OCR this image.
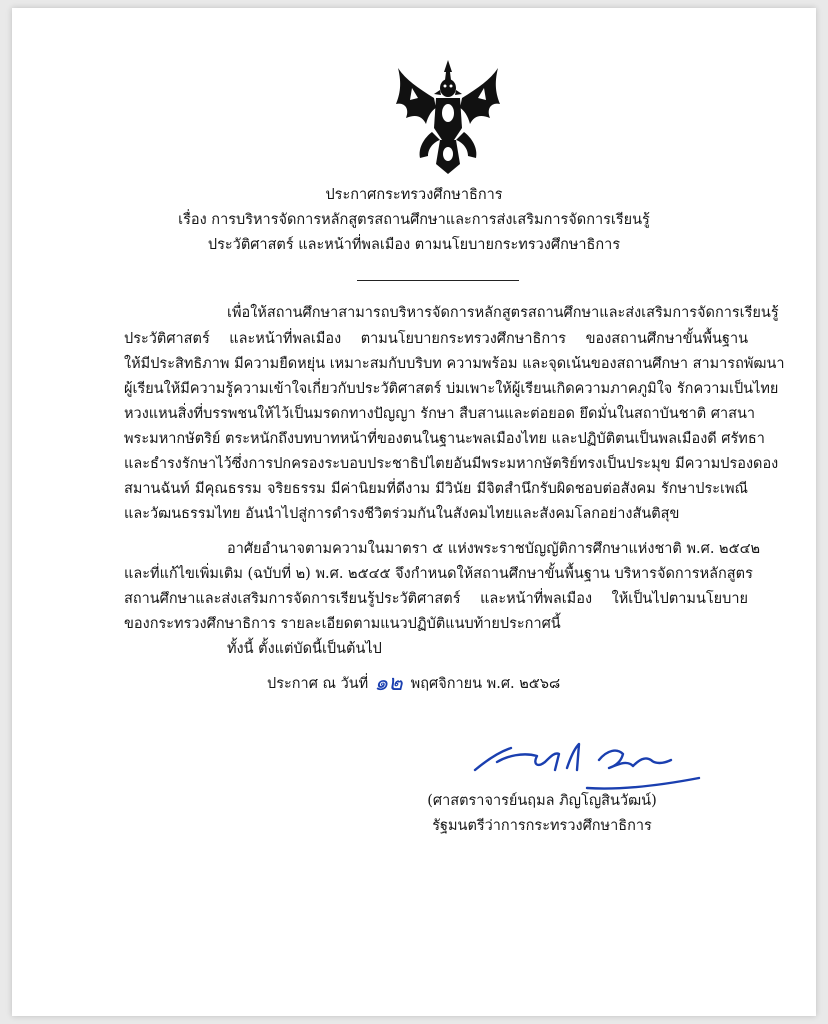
ประกาศกระทรวงศึกษาธิการ
เรื่อง การบริหารจัดการหลักสูตรสถานศึกษาและการส่งเสริมการจัดการเรียนรู้
ประวัติศาสตร์ และหน้าที่พลเมือง ตามนโยบายกระทรวงศึกษาธิการ
เพื่อให้สถานศึกษาสามารถบริหารจัดการหลักสูตรสถานศึกษาและส่งเสริมการจัดการเรียนรู้
ประวัติศาสตร์ และหน้าที่พลเมือง ตามนโยบายกระทรวงศึกษาธิการ ของสถานศึกษาขั้นพื้นฐาน
ให้มีประสิทธิภาพ มีความยืดหยุ่น เหมาะสมกับบริบท ความพร้อม และจุดเน้นของสถานศึกษา สามารถพัฒนา
ผู้เรียนให้มีความรู้ความเข้าใจเกี่ยวกับประวัติศาสตร์ บ่มเพาะให้ผู้เรียนเกิดความภาคภูมิใจ รักความเป็นไทย
หวงแหนสิ่งที่บรรพชนให้ไว้เป็นมรดกทางปัญญา รักษา สืบสานและต่อยอด ยึดมั่นในสถาบันชาติ ศาสนา
พระมหากษัตริย์ ตระหนักถึงบทบาทหน้าที่ของตนในฐานะพลเมืองไทย และปฏิบัติตนเป็นพลเมืองดี ศรัทธา
และธำรงรักษาไว้ซึ่งการปกครองระบอบประชาธิปไตยอันมีพระมหากษัตริย์ทรงเป็นประมุข มีความปรองดอง
สมานฉันท์ มีคุณธรรม จริยธรรม มีค่านิยมที่ดีงาม มีวินัย มีจิตสำนึกรับผิดชอบต่อสังคม รักษาประเพณี
และวัฒนธรรมไทย อันนำไปสู่การดำรงชีวิตร่วมกันในสังคมไทยและสังคมโลกอย่างสันติสุข
อาศัยอำนาจตามความในมาตรา ๕ แห่งพระราชบัญญัติการศึกษาแห่งชาติ พ.ศ. ๒๕๔๒
และที่แก้ไขเพิ่มเติม (ฉบับที่ ๒) พ.ศ. ๒๕๔๕ จึงกำหนดให้สถานศึกษาขั้นพื้นฐาน บริหารจัดการหลักสูตร
สถานศึกษาและส่งเสริมการจัดการเรียนรู้ประวัติศาสตร์ และหน้าที่พลเมือง ให้เป็นไปตามนโยบาย
ของกระทรวงศึกษาธิการ รายละเอียดตามแนวปฏิบัติแนบท้ายประกาศนี้
ทั้งนี้ ตั้งแต่บัดนี้เป็นต้นไป
ประกาศ ณ วันที่ ๑๒ พฤศจิกายน พ.ศ. ๒๕๖๘
(ศาสตราจารย์นฤมล ภิญโญสินวัฒน์)
รัฐมนตรีว่าการกระทรวงศึกษาธิการ
